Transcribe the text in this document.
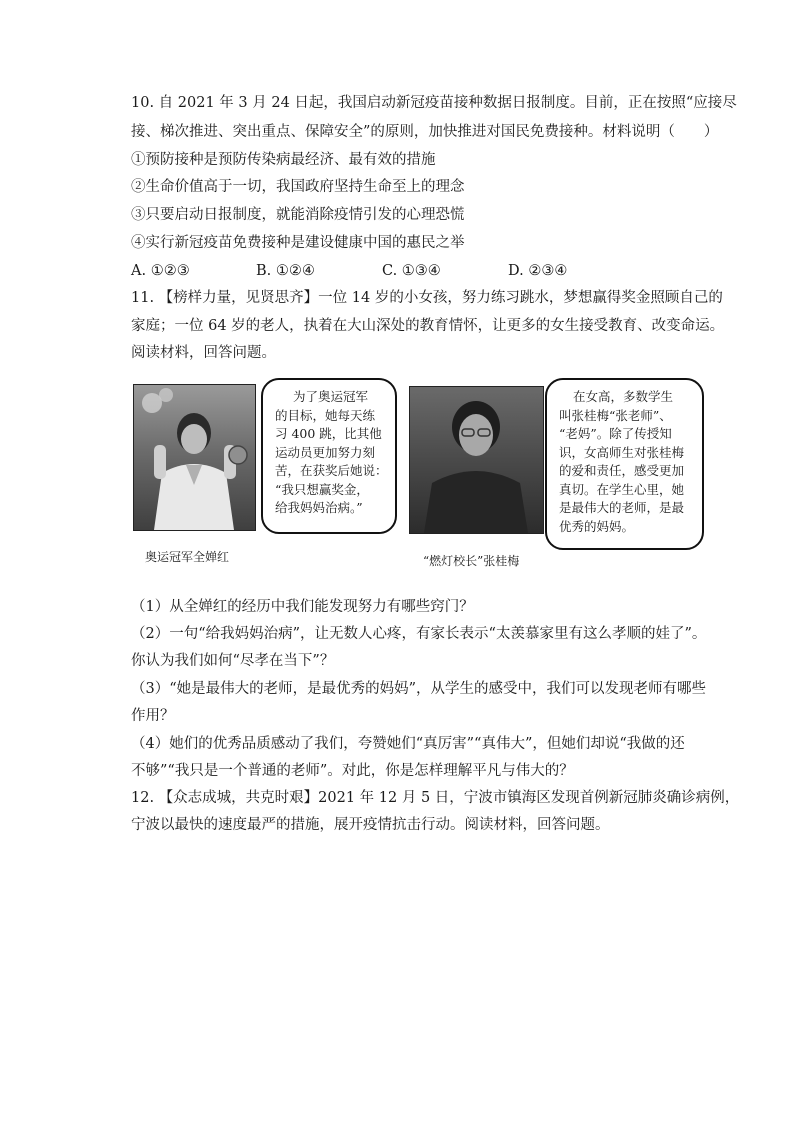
10. 自 2021 年 3 月 24 日起，我国启动新冠疫苗接种数据日报制度。目前，正在按照“应接尽
接、梯次推进、突出重点、保障安全”的原则，加快推进对国民免费接种。材料说明（　　）
①预防接种是预防传染病最经济、最有效的措施
②生命价值高于一切，我国政府坚持生命至上的理念
③只要启动日报制度，就能消除疫情引发的心理恐慌
④实行新冠疫苗免费接种是建设健康中国的惠民之举
A. ①②③	B. ①②④	C. ①③④	D. ②③④
11. 【榜样力量，见贤思齐】一位 14 岁的小女孩，努力练习跳水，梦想赢得奖金照顾自己的
家庭；一位 64 岁的老人，执着在大山深处的教育情怀，让更多的女生接受教育、改变命运。
阅读材料，回答问题。
为了奥运冠军
的目标，她每天练
习 400 跳，比其他
运动员更加努力刻
苦，在获奖后她说：
“我只想赢奖金，
给我妈妈治病。”
奥运冠军全婵红
在女高，多数学生
叫张桂梅“张老师”、
“老妈”。除了传授知
识，女高师生对张桂梅
的爱和责任，感受更加
真切。在学生心里，她
是最伟大的老师，是最
优秀的妈妈。
“燃灯校长”张桂梅
（1）从全婵红的经历中我们能发现努力有哪些窍门？
（2）一句“给我妈妈治病”，让无数人心疼，有家长表示“太羡慕家里有这么孝顺的娃了”。
你认为我们如何“尽孝在当下”？
（3）“她是最伟大的老师，是最优秀的妈妈”，从学生的感受中，我们可以发现老师有哪些
作用？
（4）她们的优秀品质感动了我们，夸赞她们“真厉害”“真伟大”，但她们却说“我做的还
不够”“我只是一个普通的老师”。对此，你是怎样理解平凡与伟大的？
12. 【众志成城，共克时艰】2021 年 12 月 5 日，宁波市镇海区发现首例新冠肺炎确诊病例，
宁波以最快的速度最严的措施，展开疫情抗击行动。阅读材料，回答问题。
